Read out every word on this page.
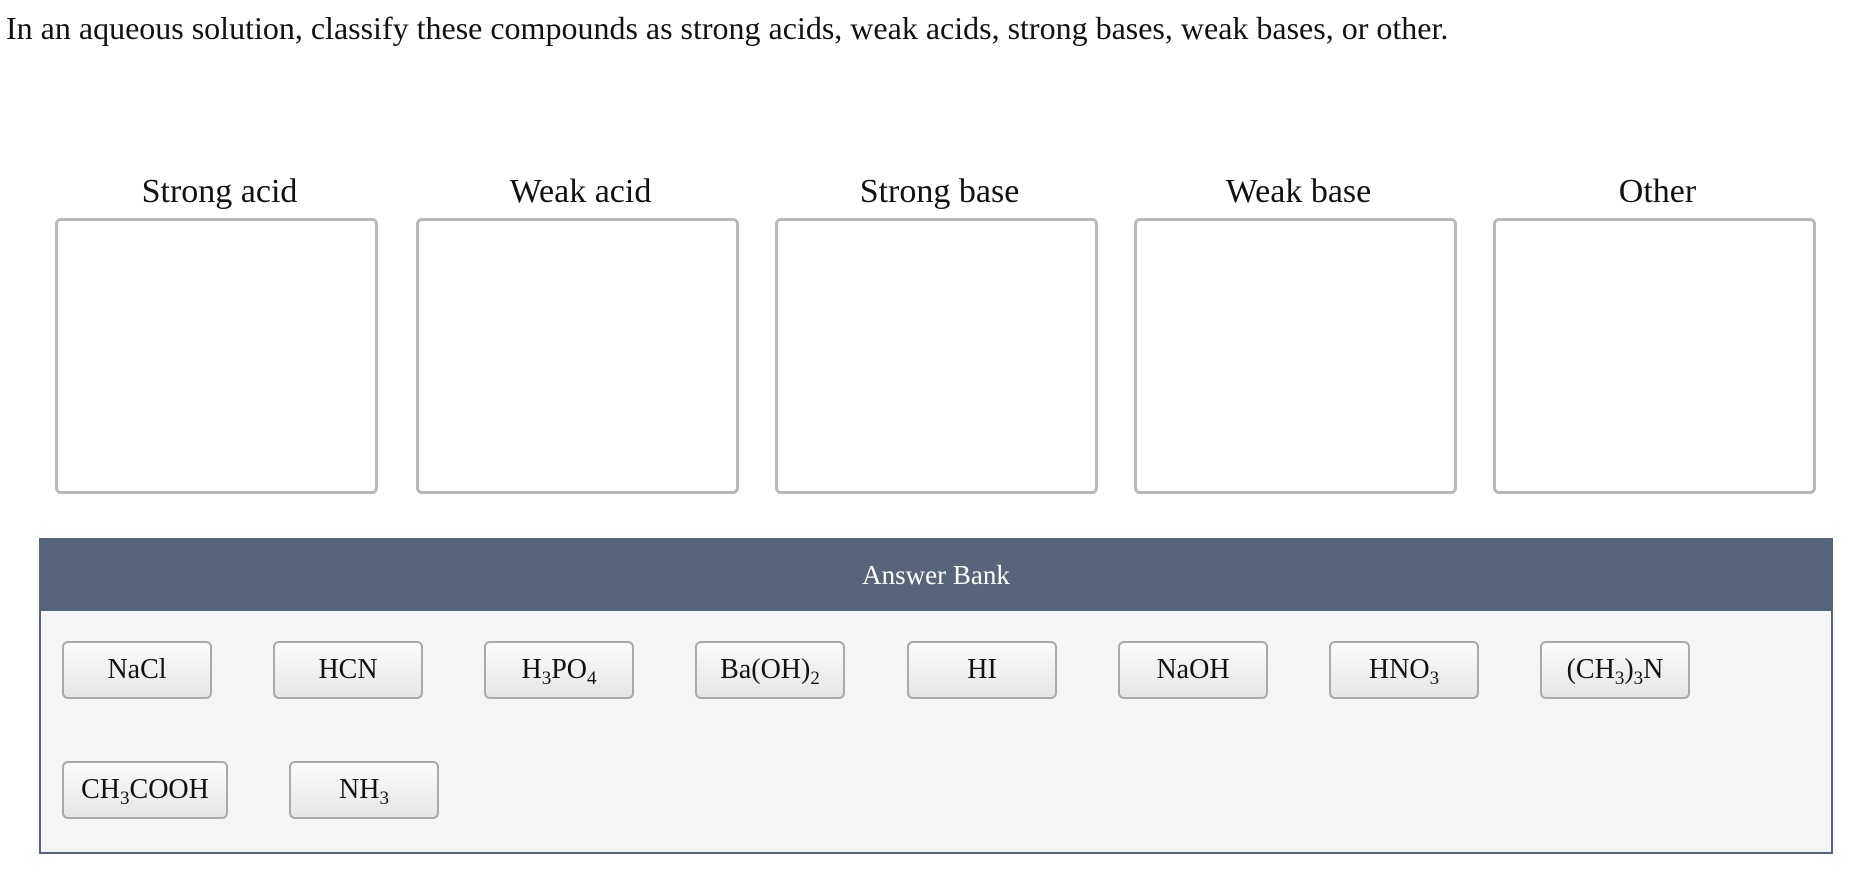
In an aqueous solution, classify these compounds as strong acids, weak acids, strong bases, weak bases, or other.
Strong acid	Weak acid	Strong base	Weak base	Other
Answer Bank
NaCl	HCN	$H_3PO_4$	$Ba(OH)_2$	HI	NaOH	$HNO_3$	$(CH_3)_3N$
$CH_3COOH$	$NH_3$
